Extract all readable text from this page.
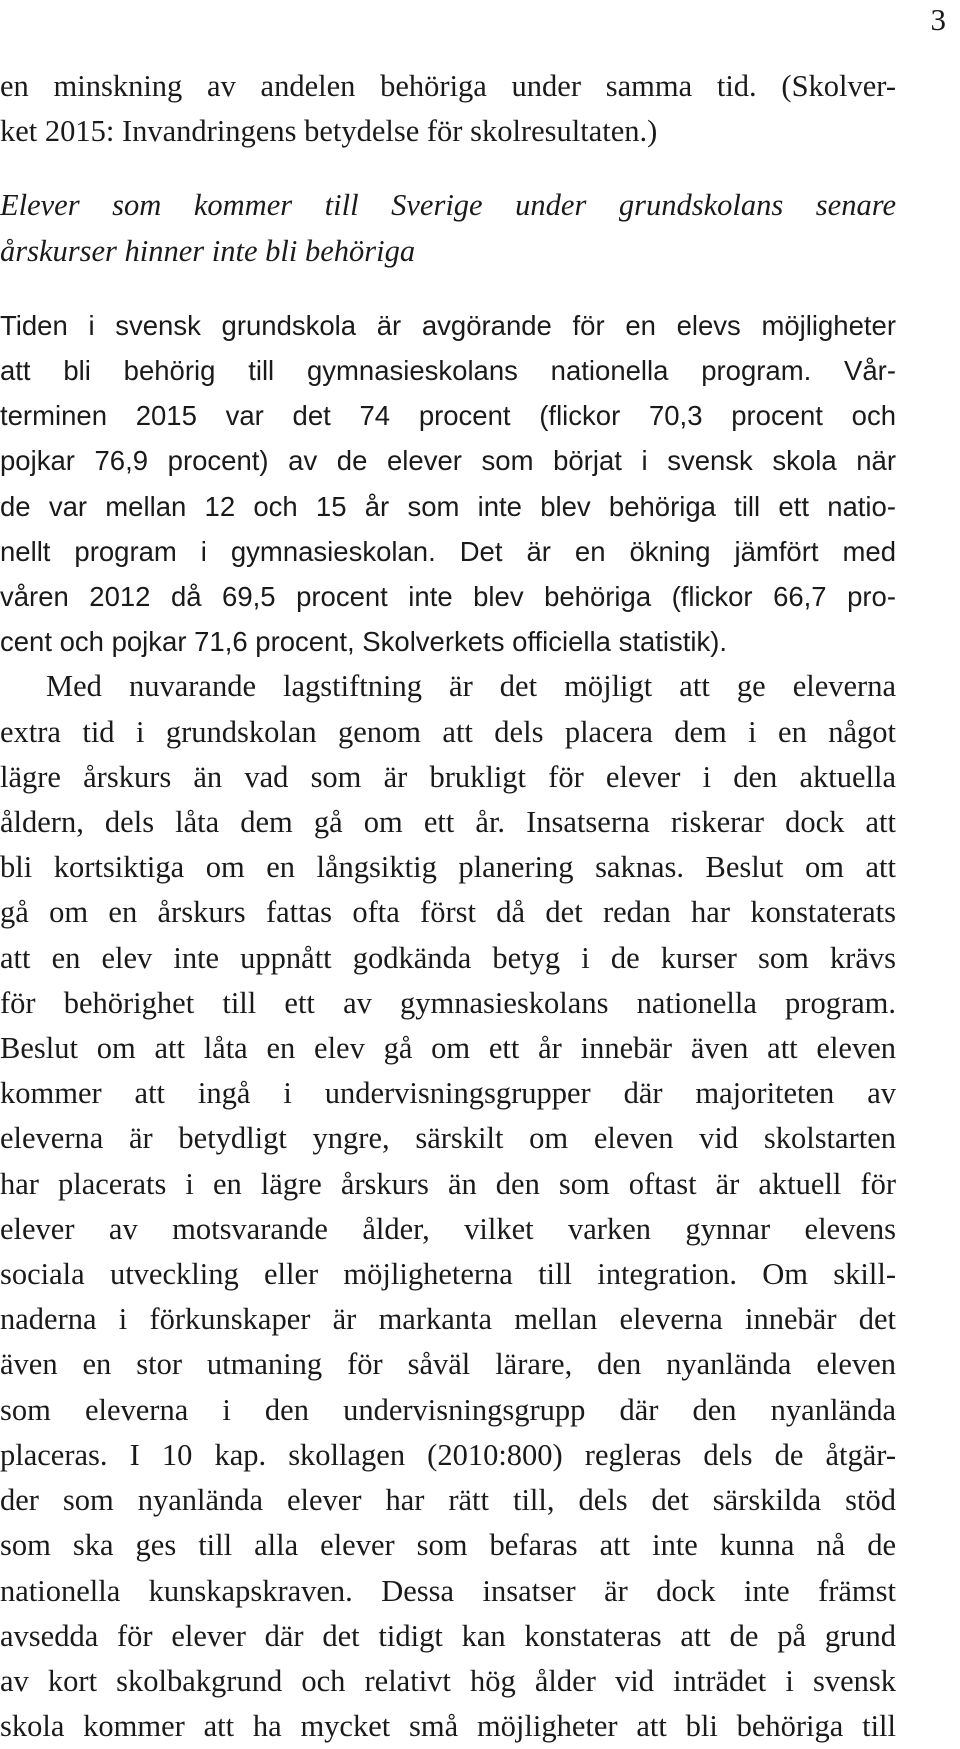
3
en minskning av andelen behöriga under samma tid. (Skolver-
ket 2015: Invandringens betydelse för skolresultaten.)
Elever som kommer till Sverige under grundskolans senare
årskurser hinner inte bli behöriga
Tiden i svensk grundskola är avgörande för en elevs möjligheter
att bli behörig till gymnasieskolans nationella program. Vår-
terminen 2015 var det 74 procent (flickor 70,3 procent och
pojkar 76,9 procent) av de elever som börjat i svensk skola när
de var mellan 12 och 15 år som inte blev behöriga till ett natio-
nellt program i gymnasieskolan. Det är en ökning jämfört med
våren 2012 då 69,5 procent inte blev behöriga (flickor 66,7 pro-
cent och pojkar 71,6 procent, Skolverkets officiella statistik).
Med nuvarande lagstiftning är det möjligt att ge eleverna
extra tid i grundskolan genom att dels placera dem i en något
lägre årskurs än vad som är brukligt för elever i den aktuella
åldern, dels låta dem gå om ett år. Insatserna riskerar dock att
bli kortsiktiga om en långsiktig planering saknas. Beslut om att
gå om en årskurs fattas ofta först då det redan har konstaterats
att en elev inte uppnått godkända betyg i de kurser som krävs
för behörighet till ett av gymnasieskolans nationella program.
Beslut om att låta en elev gå om ett år innebär även att eleven
kommer att ingå i undervisningsgrupper där majoriteten av
eleverna är betydligt yngre, särskilt om eleven vid skolstarten
har placerats i en lägre årskurs än den som oftast är aktuell för
elever av motsvarande ålder, vilket varken gynnar elevens
sociala utveckling eller möjligheterna till integration. Om skill-
naderna i förkunskaper är markanta mellan eleverna innebär det
även en stor utmaning för såväl lärare, den nyanlända eleven
som eleverna i den undervisningsgrupp där den nyanlända
placeras. I 10 kap. skollagen (2010:800) regleras dels de åtgär-
der som nyanlända elever har rätt till, dels det särskilda stöd
som ska ges till alla elever som befaras att inte kunna nå de
nationella kunskapskraven. Dessa insatser är dock inte främst
avsedda för elever där det tidigt kan konstateras att de på grund
av kort skolbakgrund och relativt hög ålder vid inträdet i svensk
skola kommer att ha mycket små möjligheter att bli behöriga till
